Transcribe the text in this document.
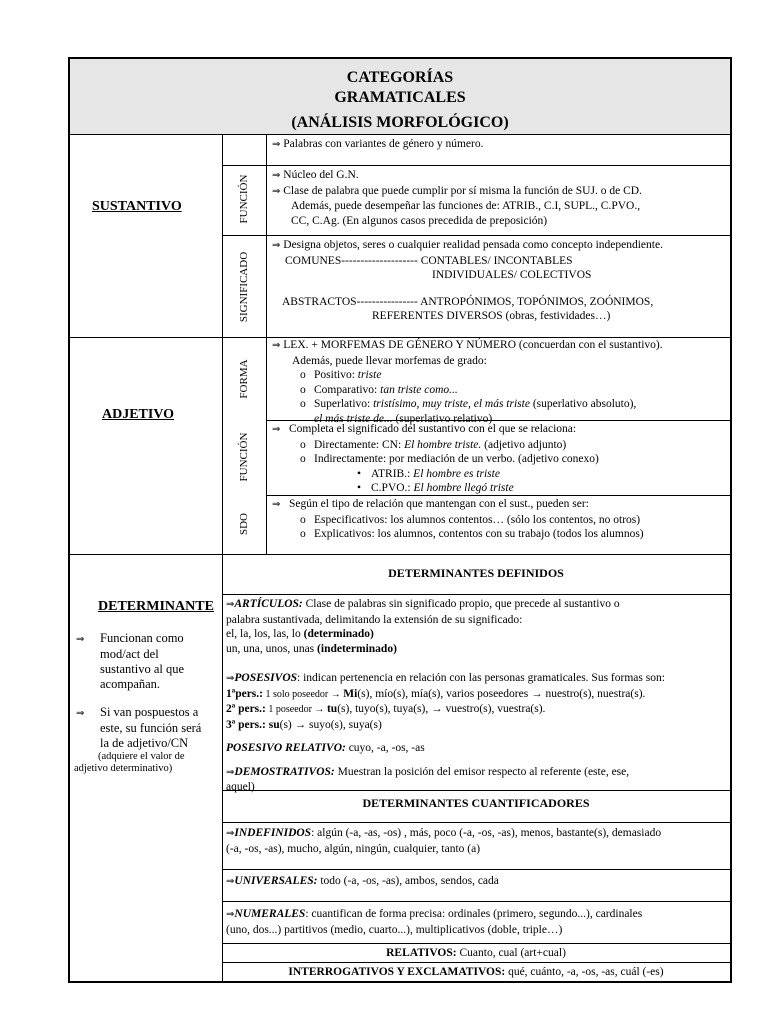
CATEGORÍAS
GRAMATICALES
(ANÁLISIS MORFOLÓGICO)
SUSTANTIVO
⇒ Palabras con variantes de género y número.
FUNCIÓN ⇒ Núcleo del G.N.
⇒ Clase de palabra que puede cumplir por sí misma la función de SUJ. o de CD.
Además, puede desempeñar las funciones de: ATRIB., C.I, SUPL., C.PVO.,
CC, C.Ag. (En algunos casos precedida de preposición)
SIGNIFICADO
⇒ Designa objetos, seres o cualquier realidad pensada como concepto independiente.
COMUNES-------------------- CONTABLES/ INCONTABLES
INDIVIDUALES/ COLECTIVOS
ABSTRACTOS---------------- ANTROPÓNIMOS, TOPÓNIMOS, ZOÓNIMOS,
REFERENTES DIVERSOS (obras, festividades…)
ADJETIVO
FORMA
⇒ LEX. + MORFEMAS DE GÉNERO Y NÚMERO (concuerdan con el sustantivo).
Además, puede llevar morfemas de grado:
o Positivo: triste
o Comparativo: tan triste como...
o Superlativo: tristísimo, muy triste, el más triste (superlativo absoluto),
el más triste de... (superlativo relativo)
FUNCIÓN
⇒ Completa el significado del sustantivo con el que se relaciona:
o Directamente: CN: El hombre triste. (adjetivo adjunto)
o Indirectamente: por mediación de un verbo. (adjetivo conexo)
• ATRIB.: El hombre es triste
• C.PVO.: El hombre llegó triste
SDO
⇒ Según el tipo de relación que mantengan con el sust., pueden ser:
o Especificativos: los alumnos contentos… (sólo los contentos, no otros)
o Explicativos: los alumnos, contentos con su trabajo (todos los alumnos)
DETERMINANTE
⇒ Funcionan como
mod/act del
sustantivo al que
acompañan.
⇒ Si van pospuestos a
este, su función será
la de adjetivo/CN
(adquiere el valor de
adjetivo determinativo)
DETERMINANTES DEFINIDOS
⇒ARTÍCULOS: Clase de palabras sin significado propio, que precede al sustantivo o
palabra sustantivada, delimitando la extensión de su significado:
el, la, los, las, lo (determinado)
un, una, unos, unas (indeterminado)
⇒POSESIVOS: indican pertenencia en relación con las personas gramaticales. Sus formas son:
1ªpers.: 1 solo poseedor → Mi(s), mío(s), mía(s), varios poseedores → nuestro(s), nuestra(s).
2ª pers.: 1 poseedor → tu(s), tuyo(s), tuya(s), → vuestro(s), vuestra(s).
3ª pers.: su(s) → suyo(s), suya(s)
POSESIVO RELATIVO: cuyo, -a, -os, -as
⇒DEMOSTRATIVOS: Muestran la posición del emisor respecto al referente (este, ese,
aquel)
DETERMINANTES CUANTIFICADORES
⇒INDEFINIDOS: algún (-a, -as, -os) , más, poco (-a, -os, -as), menos, bastante(s), demasiado
(-a, -os, -as), mucho, algún, ningún, cualquier, tanto (a)
⇒UNIVERSALES: todo (-a, -os, -as), ambos, sendos, cada
⇒NUMERALES: cuantifican de forma precisa: ordinales (primero, segundo...), cardinales
(uno, dos...) partitivos (medio, cuarto...), multiplicativos (doble, triple…)
RELATIVOS: Cuanto, cual (art+cual)
INTERROGATIVOS Y EXCLAMATIVOS: qué, cuánto, -a, -os, -as, cuál (-es)
